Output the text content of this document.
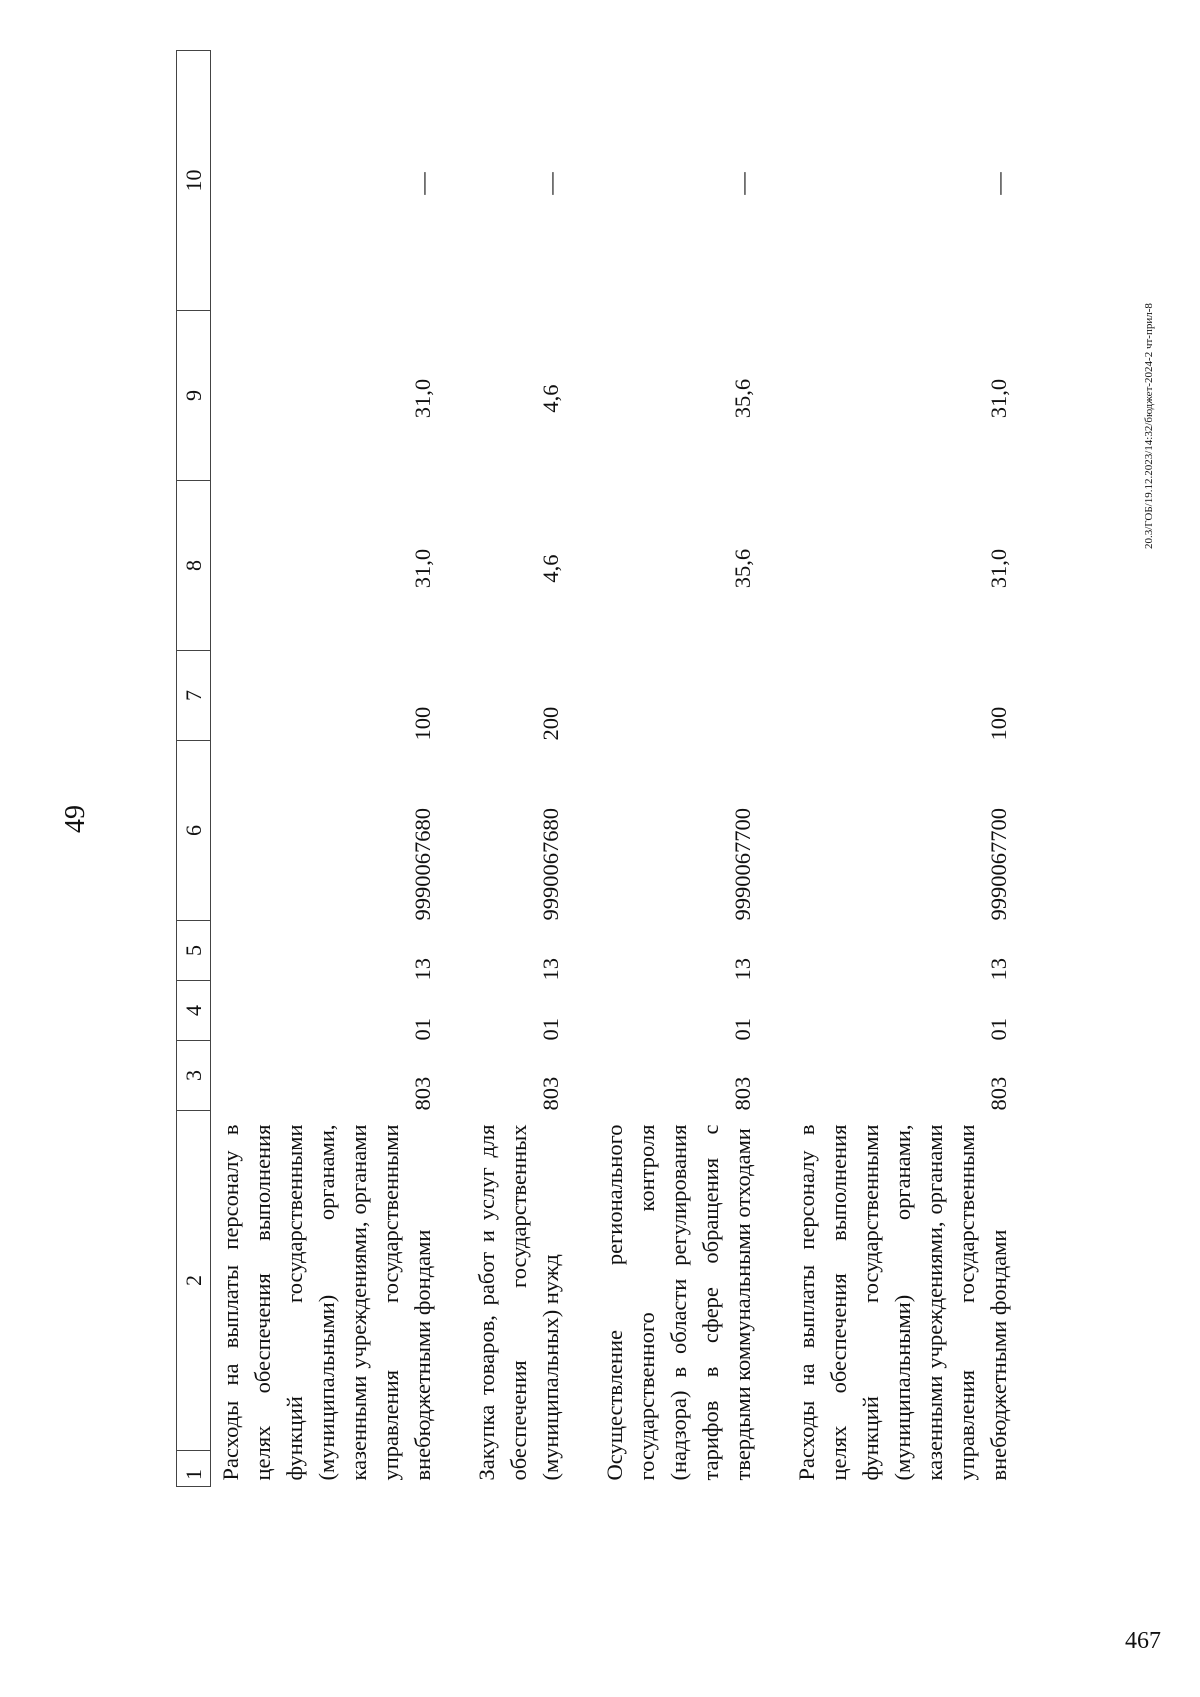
467
49
1	2	3	4	5	6	7	8	9	10
Расходы на выплаты персоналу в целях обеспечения выполнения функций государственными (муниципальными) органами, казенными учреждениями, органами управления государственными внебюджетными фондами		803	01	13	9990067680	100	31,0	31,0	—

Закупка товаров, работ и услуг для обеспечения государственных (муниципальных) нужд		803	01	13	9990067680	200	4,6	4,6	—

Осуществление регионального государственного контроля (надзора) в области регулирования тарифов в сфере обращения с твердыми коммунальными отходами		803	01	13	9990067700		35,6	35,6	—

Расходы на выплаты персоналу в целях обеспечения выполнения функций государственными (муниципальными) органами, казенными учреждениями, органами управления государственными внебюджетными фондами		803	01	13	9990067700	100	31,0	31,0	—
20.3/ГОБ/19.12.2023/14:32/бюджет-2024-2 чт-прил-8
